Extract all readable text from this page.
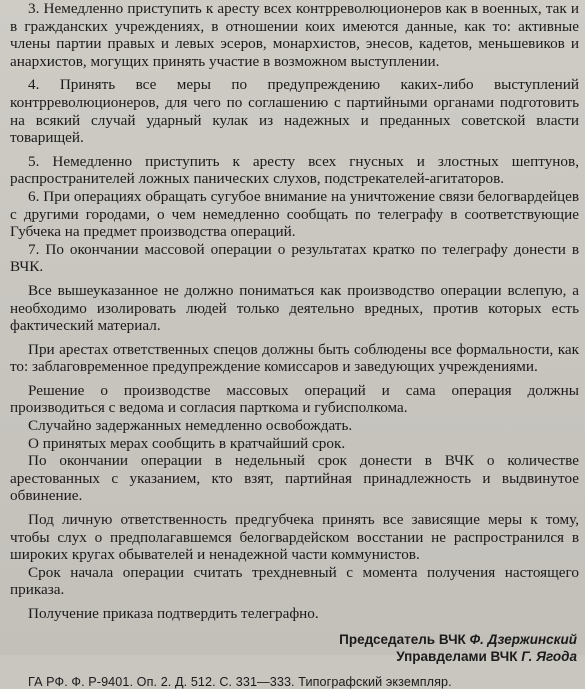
3. Немедленно приступить к аресту всех контрреволюционеров как в военных, так и в гражданских учреждениях, в отношении коих имеются данные, как то: активные члены партии правых и левых эсеров, монархистов, энесов, кадетов, меньшевиков и анархистов, могущих принять участие в возможном выступлении.

4. Принять все меры по предупреждению каких-либо выступлений контрреволюционеров, для чего по соглашению с партийными органами подготовить на всякий случай ударный кулак из надежных и преданных советской власти товарищей.

5. Немедленно приступить к аресту всех гнусных и злостных шептунов, распространителей ложных панических слухов, подстрекателей-агитаторов.

6. При операциях обращать сугубое внимание на уничтожение связи белогвардейцев с другими городами, о чем немедленно сообщать по телеграфу в соответствующие Губчека на предмет производства операций.

7. По окончании массовой операции о результатах кратко по телеграфу донести в ВЧК.

Все вышеуказанное не должно пониматься как производство операции вслепую, а необходимо изолировать людей только деятельно вредных, против которых есть фактический материал.

При арестах ответственных спецов должны быть соблюдены все формальности, как то: заблаговременное предупреждение комиссаров и заведующих учреждениями.

Решение о производстве массовых операций и сама операция должны производиться с ведома и согласия парткома и губисполкома.

Случайно задержанных немедленно освобождать.

О принятых мерах сообщить в кратчайший срок.

По окончании операции в недельный срок донести в ВЧК о количестве арестованных с указанием, кто взят, партийная принадлежность и выдвинутое обвинение.

Под личную ответственность предгубчека принять все зависящие меры к тому, чтобы слух о предполагавшемся белогвардейском восстании не распространился в широких кругах обывателей и ненадежной части коммунистов.

Срок начала операции считать трехдневный с момента получения настоящего приказа.

Получение приказа подтвердить телеграфно.

Председатель ВЧК Ф. Дзержинский
Управделами ВЧК Г. Ягода
ГА РФ. Ф. Р-9401. Оп. 2. Д. 512. С. 331—333. Типографский экземпляр.
